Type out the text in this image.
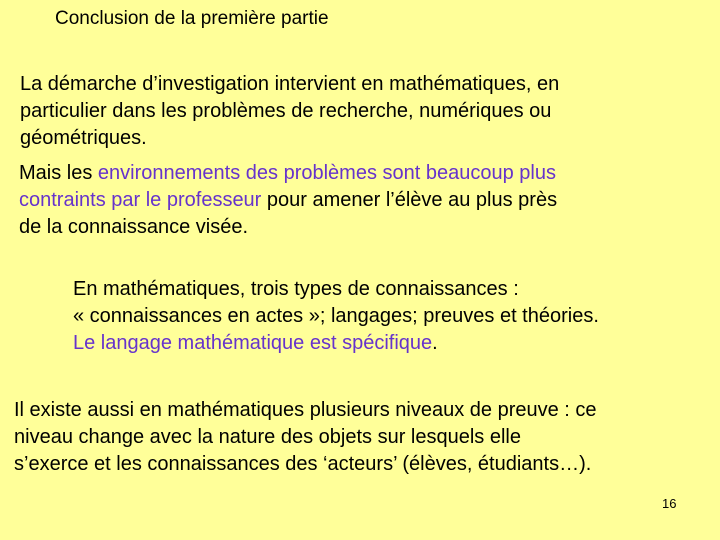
Conclusion de la première partie
La démarche d’investigation intervient en mathématiques, en
particulier dans les problèmes de recherche, numériques ou
géométriques.
Mais les environnements des problèmes sont beaucoup plus
contraints par le professeur pour amener l’élève au plus près
de la connaissance visée.
En mathématiques, trois types de connaissances :
« connaissances en actes »; langages; preuves et théories.
Le langage mathématique est spécifique.
Il existe aussi en mathématiques plusieurs niveaux de preuve : ce
niveau change avec la nature des objets sur lesquels elle
s’exerce et les connaissances des ‘acteurs’ (élèves, étudiants…).
16
